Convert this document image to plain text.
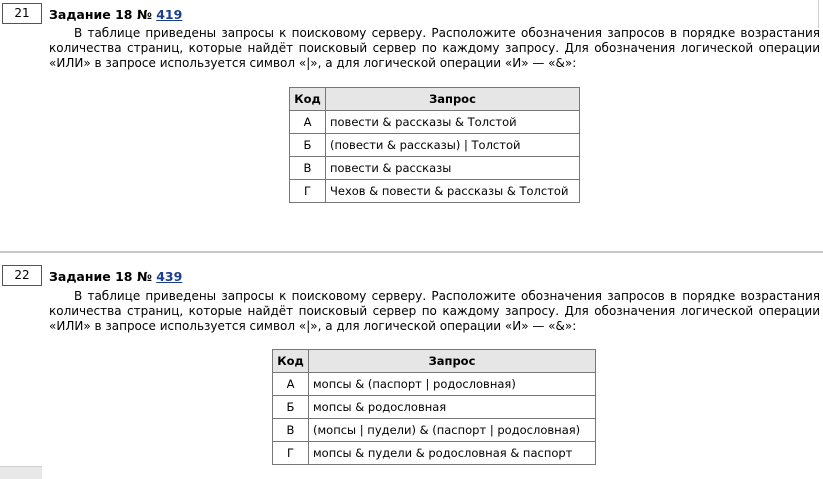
21	Задание 18 № 419
В таблице приведены запросы к поисковому серверу. Расположите обозначения запросов в порядке возрастания количества страниц, которые найдёт поисковый сервер по каждому запросу. Для обозначения логической операции «ИЛИ» в запросе используется символ «|», а для логической операции «И» — «&»:
Код	Запрос
А	повести & рассказы & Толстой
Б	(повести & рассказы) | Толстой
В	повести & рассказы
Г	Чехов & повести & рассказы & Толстой
22	Задание 18 № 439
В таблице приведены запросы к поисковому серверу. Расположите обозначения запросов в порядке возрастания количества страниц, которые найдёт поисковый сервер по каждому запросу. Для обозначения логической операции «ИЛИ» в запросе используется символ «|», а для логической операции «И» — «&»:
Код	Запрос
А	мопсы & (паспорт | родословная)
Б	мопсы & родословная
В	(мопсы | пудели) & (паспорт | родословная)
Г	мопсы & пудели & родословная & паспорт
